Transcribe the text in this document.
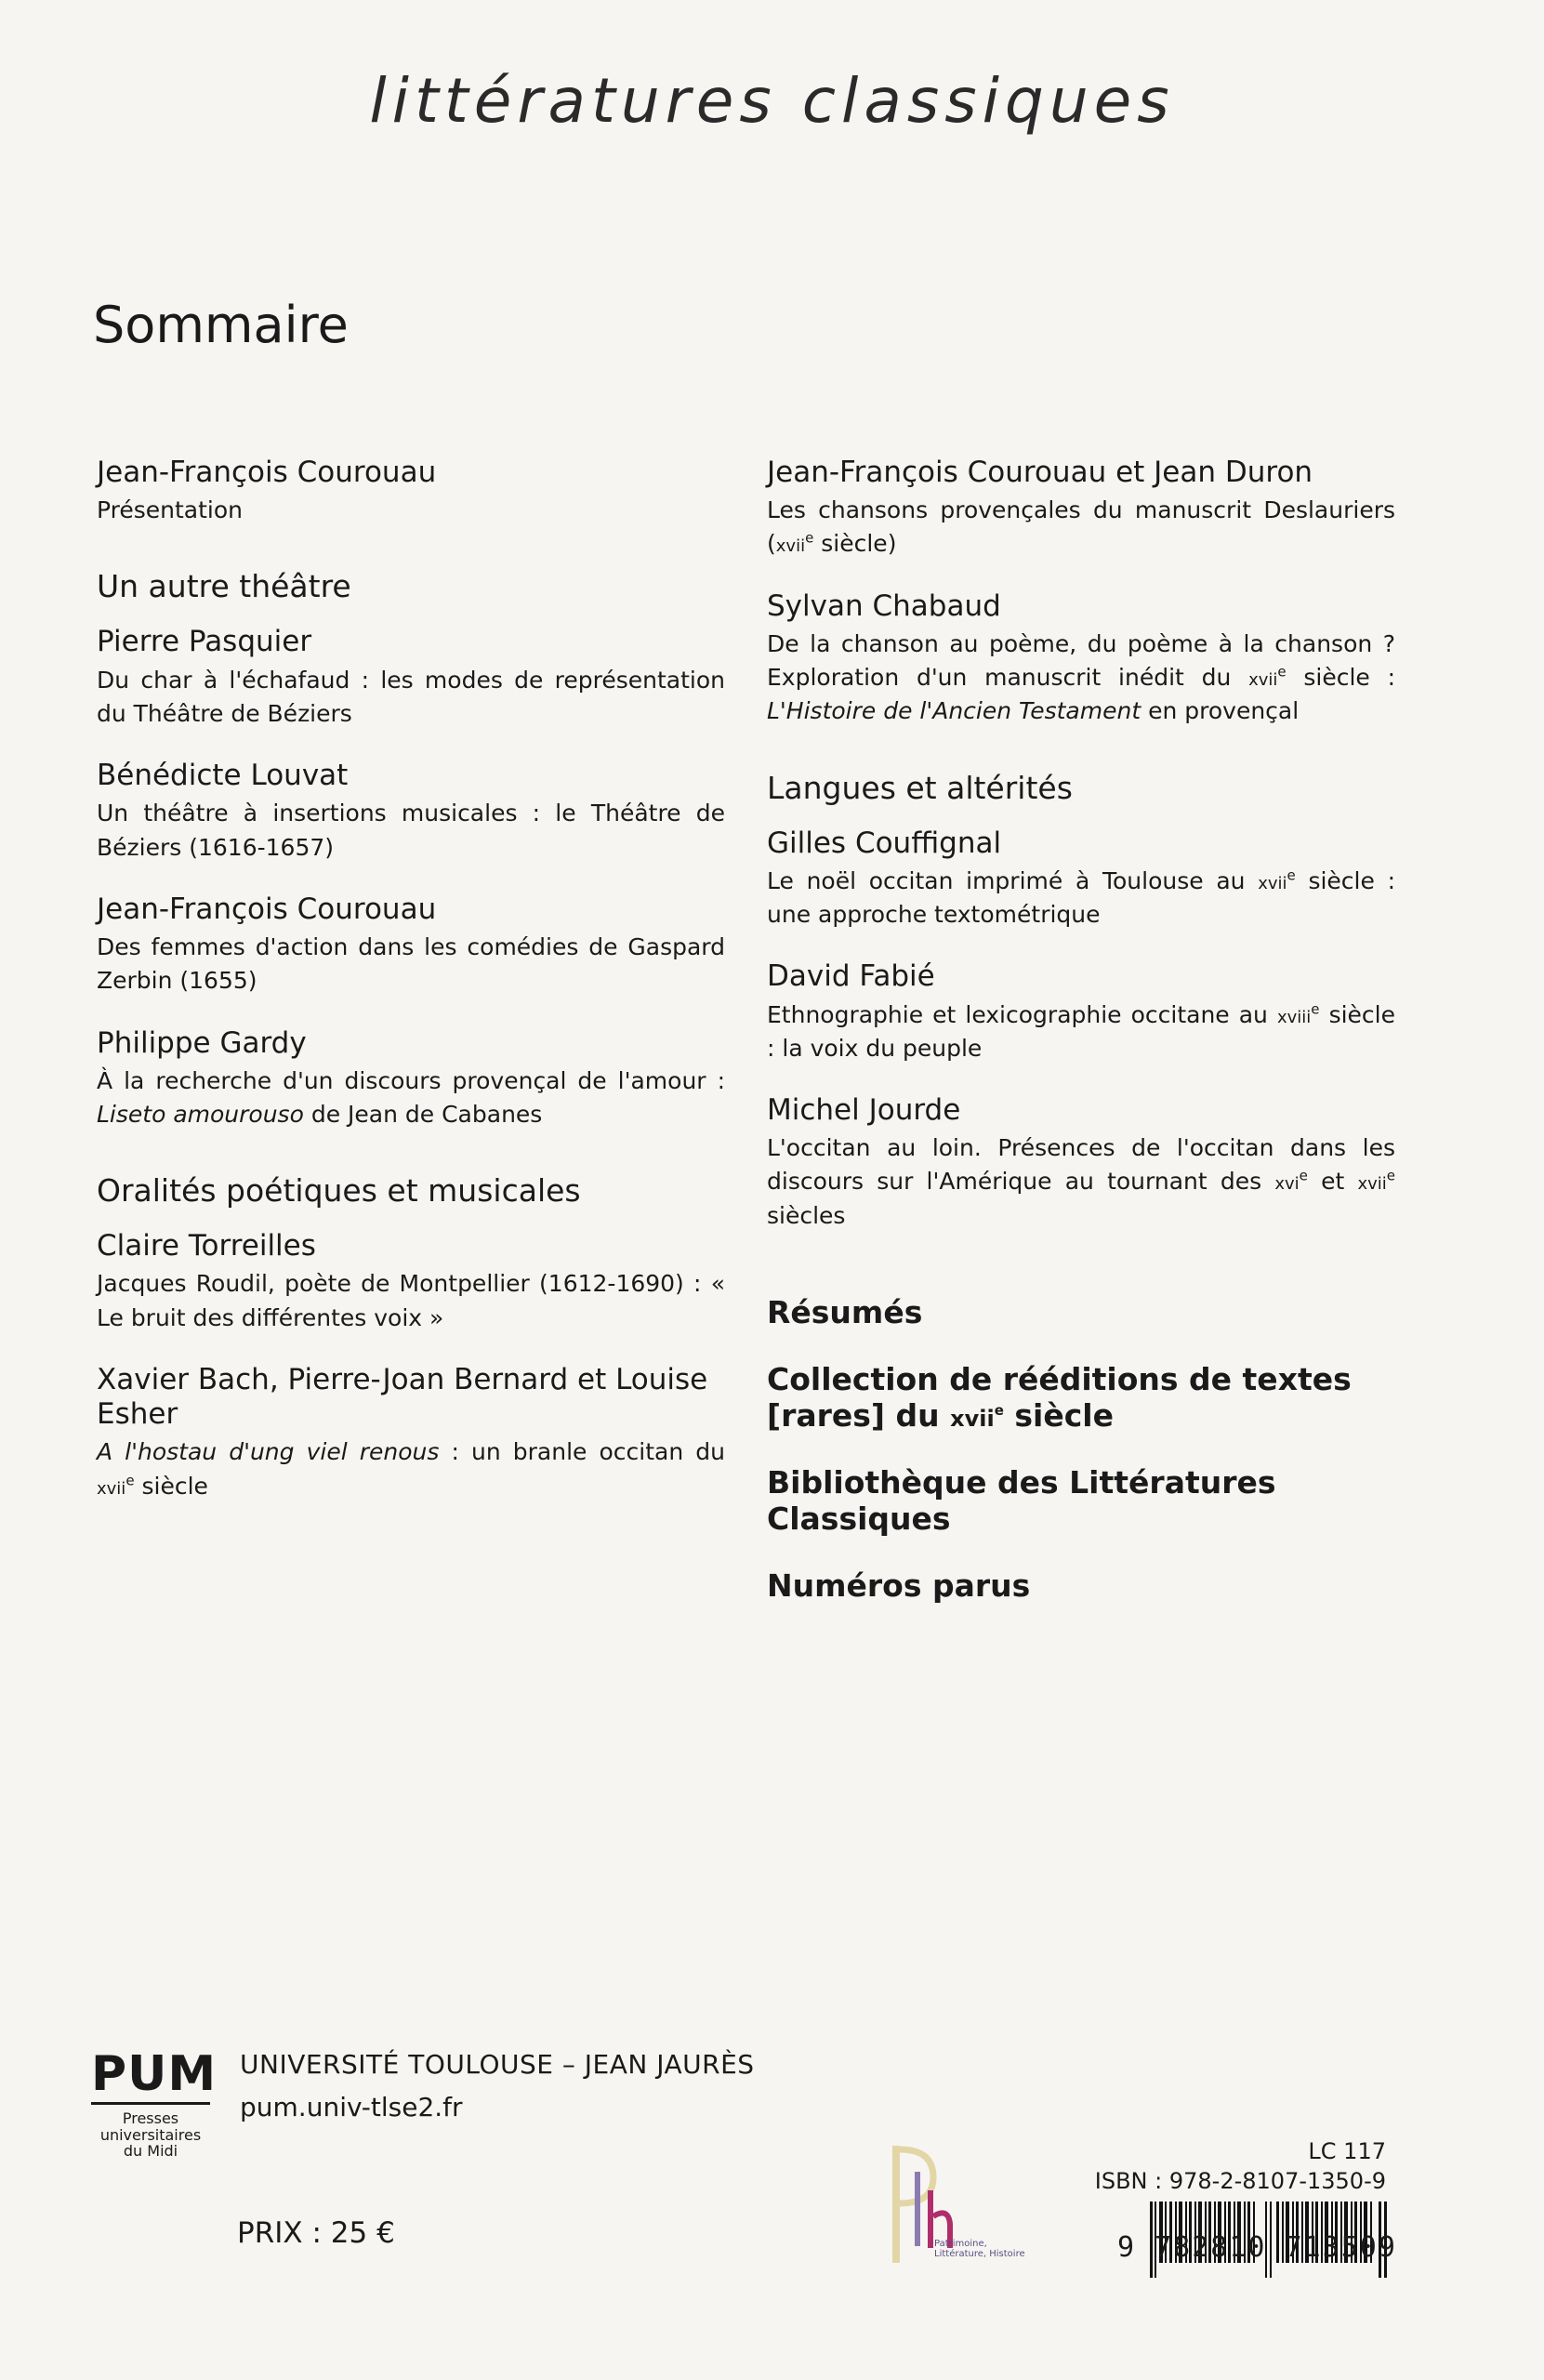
littératures classiques
Sommaire

Jean-François Courouau

Présentation

Un autre théâtre

Pierre Pasquier

Du char à l'échafaud : les modes de représentation du Théâtre de Béziers

Bénédicte Louvat

Un théâtre à insertions musicales : le Théâtre de Béziers (1616-1657)

Jean-François Courouau

Des femmes d'action dans les comédies de Gaspard Zerbin (1655)

Philippe Gardy

À la recherche d'un discours provençal de l'amour : Liseto amourouso de Jean de Cabanes

Oralités poétiques et musicales

Claire Torreilles

Jacques Roudil, poète de Montpellier (1612-1690) : « Le bruit des différentes voix »

Xavier Bach, Pierre-Joan Bernard et Louise Esher

A l'hostau d'ung viel renous : un branle occitan du xvii$^e$ siècle

Jean-François Courouau et Jean Duron

Les chansons provençales du manuscrit Deslauriers (xvii$^e$ siècle)

Sylvan Chabaud

De la chanson au poème, du poème à la chanson ? Exploration d'un manuscrit inédit du xvii$^e$ siècle : L'Histoire de l'Ancien Testament en provençal

Langues et altérités

Gilles Couffignal

Le noël occitan imprimé à Toulouse au xvii$^e$ siècle : une approche textométrique

David Fabié

Ethnographie et lexicographie occitane au xviii$^e$ siècle : la voix du peuple

Michel Jourde

L'occitan au loin. Présences de l'occitan dans les discours sur l'Amérique au tournant des xvi$^e$ et xvii$^e$ siècles

Résumés

Collection de rééditions de textes [rares] du xvii$^e$ siècle

Bibliothèque des Littératures Classiques

Numéros parus

PUM
Presses
universitaires
du Midi
UNIVERSITÉ TOULOUSE – JEAN JAURÈS
pum.univ-tlse2.fr
PRIX : 25 €	Patrimoine, Littérature, Histoire
LC 117
ISBN : 978-2-8107-1350-9
9 782810 713509
